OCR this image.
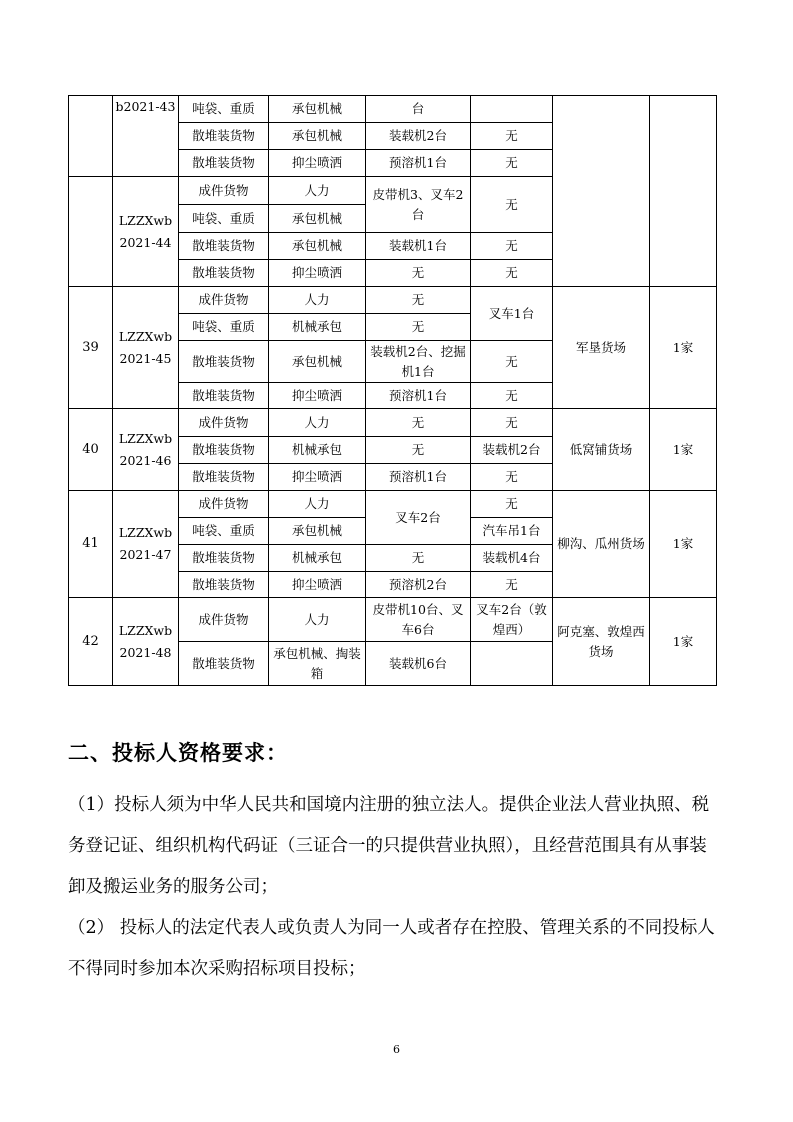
	b2021-43	吨袋、重质	承包机械	台			
		散堆装货物	承包机械	装载机2台	无		
		散堆装货物	抑尘喷洒	预溶机1台	无		
	LZZXwb2021-44	成件货物	人力	皮带机3、叉车2台	无		
		吨袋、重质	承包机械				
		散堆装货物	承包机械	装载机1台	无		
		散堆装货物	抑尘喷洒	无	无		
39	LZZXwb2021-45	成件货物	人力	无	叉车1台	军垦货场	1家
		吨袋、重质	机械承包	无			
		散堆装货物	承包机械	装载机2台、挖掘机1台	无		
		散堆装货物	抑尘喷洒	预溶机1台	无		
40	LZZXwb2021-46	成件货物	人力	无	无	低窝铺货场	1家
		散堆装货物	机械承包	无	装载机2台		
		散堆装货物	抑尘喷洒	预溶机1台	无		
41	LZZXwb2021-47	成件货物	人力	叉车2台	无	柳沟、瓜州货场	1家
		吨袋、重质	承包机械		汽车吊1台		
		散堆装货物	机械承包	无	装载机4台		
		散堆装货物	抑尘喷洒	预溶机2台	无		
42	LZZXwb2021-48	成件货物	人力	皮带机10台、叉车6台	叉车2台（敦煌西）	阿克塞、敦煌西货场	1家
		散堆装货物	承包机械、掏装箱	装载机6台			
二、投标人资格要求：

（1）投标人须为中华人民共和国境内注册的独立法人。提供企业法人营业执照、税务登记证、组织机构代码证（三证合一的只提供营业执照），且经营范围具有从事装卸及搬运业务的服务公司；

（2） 投标人的法定代表人或负责人为同一人或者存在控股、管理关系的不同投标人不得同时参加本次采购招标项目投标；

6
